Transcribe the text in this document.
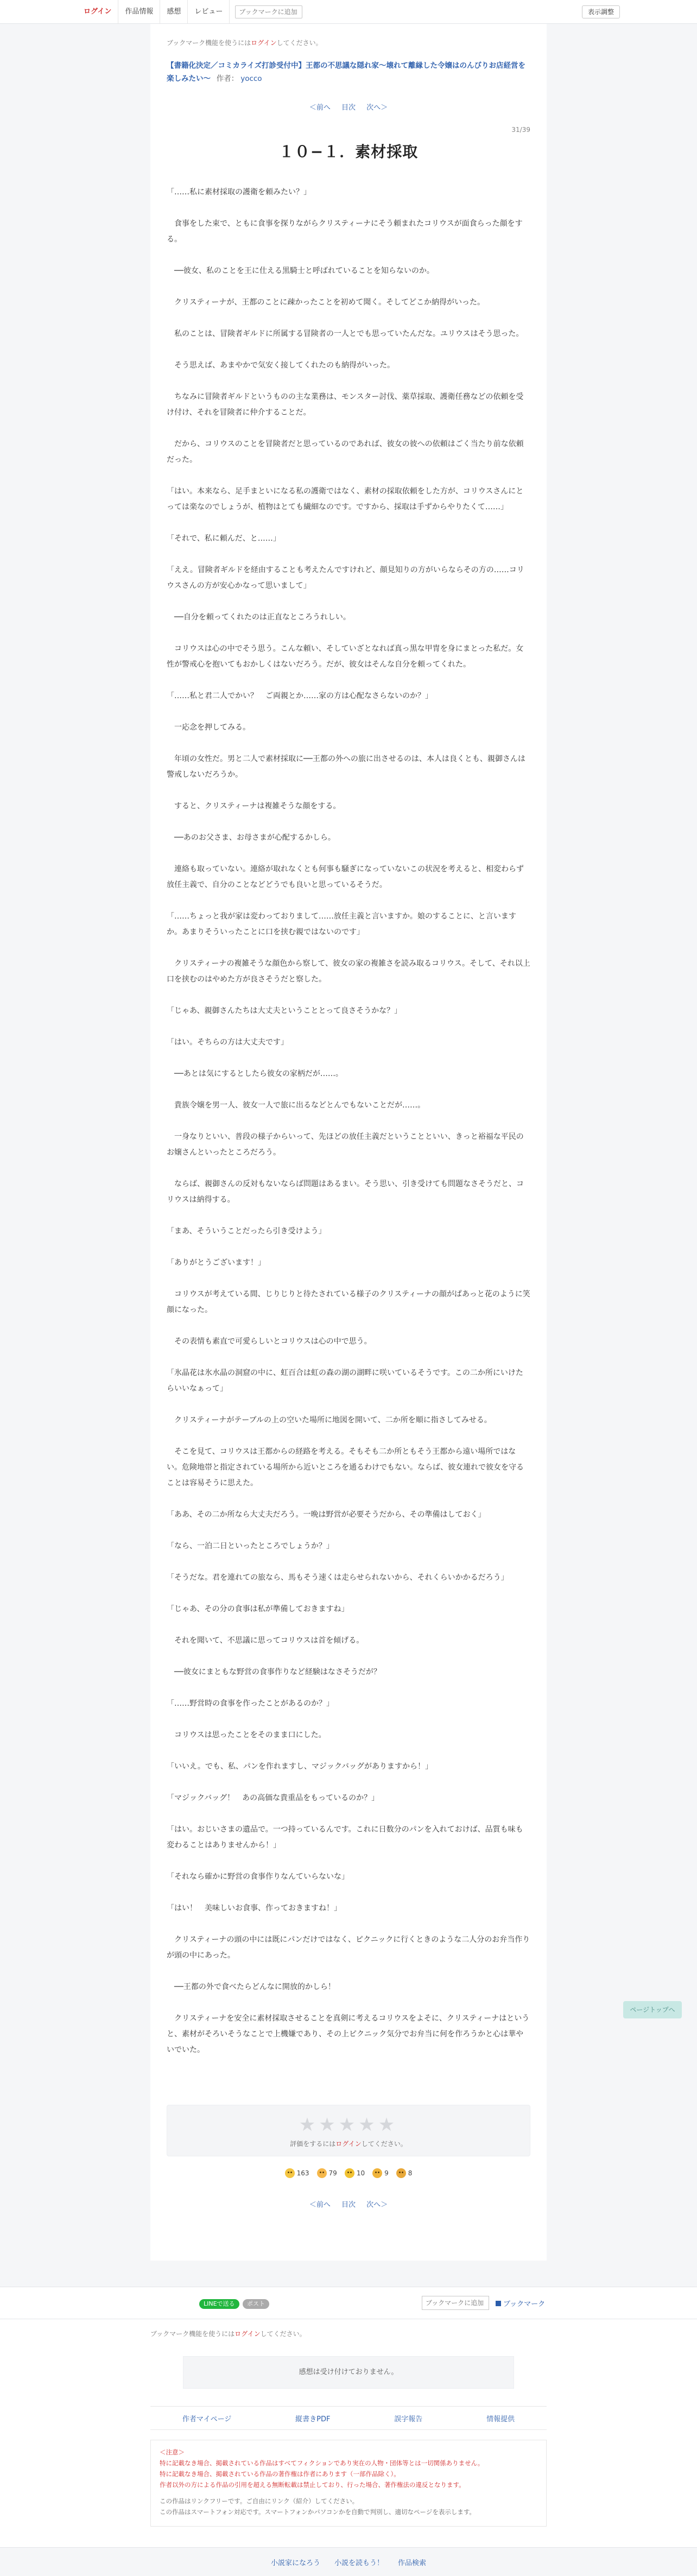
ログイン	作品情報	感想	レビュー
ブックマークに追加	表示調整
ブックマーク機能を使うにはログインしてください。
【書籍化決定／コミカライズ打診受付中】王都の不思議な隠れ家〜壊れて離縁した令嬢はのんびりお店経営を楽しみたい〜 作者： yocco
＜前へ 目次 次へ＞
31/39
１０−１．素材採取

「……私に素材採取の護衛を頼みたい？」

　食事をした束で、ともに食事を探りながらクリスティーナにそう頼まれたコリウスが面食らった顔をする。

　──彼女、私のことを王に仕える黒騎士と呼ばれていることを知らないのか。

　クリスティーナが、王都のことに疎かったことを初めて聞く。そしてどこか納得がいった。

　私のことは、冒険者ギルドに所属する冒険者の一人とでも思っていたんだな。ユリウスはそう思った。

　そう思えば、あまやかで気安く接してくれたのも納得がいった。

　ちなみに冒険者ギルドというものの主な業務は、モンスター討伐、薬草採取、護衛任務などの依頼を受け付け、それを冒険者に仲介することだ。

　だから、コリウスのことを冒険者だと思っているのであれば、彼女の彼への依頼はごく当たり前な依頼だった。

「はい。本来なら、足手まといになる私の護衛ではなく、素材の採取依頼をした方が、コリウスさんにとっては楽なのでしょうが、植物はとても繊細なのです。ですから、採取は手ずからやりたくて……」

「それで、私に頼んだ、と……」

「ええ。冒険者ギルドを経由することも考えたんですけれど、顔見知りの方がいらならその方の……コリウスさんの方が安心かなって思いまして」

　──自分を頼ってくれたのは正直なところうれしい。

　コリウスは心の中でそう思う。こんな頼い、そしていざとなれば真っ黒な甲冑を身にまとった私だ。女性が警戒心を抱いてもおかしくはないだろう。だが、彼女はそんな自分を頼ってくれた。

「……私と君二人でかい？　ご両親とか……家の方は心配なさらないのか？」

　一応念を押してみる。

　年頃の女性だ。男と二人で素材採取に──王都の外への旅に出させるのは、本人は良くとも、親御さんは警戒しないだろうか。

　すると、クリスティーナは複雑そうな顔をする。

　──あのお父さま、お母さまが心配するかしら。

　連絡も取っていない。連絡が取れなくとも何事も騒ぎになっていないこの状況を考えると、相変わらず放任主義で、自分のことなどどうでも良いと思っているそうだ。

「……ちょっと我が家は変わっておりまして……放任主義と言いますか。娘のすることに、と言いますか。あまりそういったことに口を挟む親ではないのです」

　クリスティーナの複雑そうな顔色から察して、彼女の家の複雑さを読み取るコリウス。そして、それ以上口を挟むのはやめた方が良さそうだと察した。

「じゃあ、親御さんたちは大丈夫ということとって良さそうかな？」

「はい。そちらの方は大丈夫です」

　──あとは気にするとしたら彼女の家柄だが……。

　貴族令嬢を男一人、彼女一人で旅に出るなどとんでもないことだが……。

　一身なりといい、普段の様子からいって、先ほどの放任主義だということといい、きっと裕福な平民のお嬢さんといったところだろう。

　ならば、親御さんの反対もないならば問題はあるまい。そう思い、引き受けても問題なさそうだと、コリウスは納得する。

「まあ、そういうことだったら引き受けよう」

「ありがとうございます！」

　コリウスが考えている間、じりじりと待たされている様子のクリスティーナの顔がぱあっと花のように笑顔になった。

　その表情も素直で可愛らしいとコリウスは心の中で思う。

「氷晶花は氷水晶の洞窟の中に、虹百合は虹の森の湖の湖畔に咲いているそうです。この二か所にいけたらいいなぁって」

　クリスティーナがテーブルの上の空いた場所に地図を開いて、二か所を順に指さしてみせる。

　そこを見て、コリウスは王都からの経路を考える。そもそも二か所ともそう王都から遠い場所ではない。危険地帯と指定されている場所から近いところを通るわけでもない。ならば、彼女連れで彼女を守ることは容易そうに思えた。

「ああ、その二か所なら大丈夫だろう。一晩は野営が必要そうだから、その準備はしておく」

「なら、一泊二日といったところでしょうか？」

「そうだな。君を連れての旅なら、馬もそう速くは走らせられないから、それくらいかかるだろう」

「じゃあ、その分の食事は私が準備しておきますね」

　それを聞いて、不思議に思ってコリウスは首を傾げる。

　──彼女にまともな野営の食事作りなど経験はなさそうだが？

「……野営時の食事を作ったことがあるのか？」

　コリウスは思ったことをそのまま口にした。

「いいえ。でも、私、パンを作れますし、マジックバッグがありますから！」

「マジックバッグ！　あの高価な貴重品をもっているのか？」

「はい。おじいさまの遺品で。一つ持っているんです。これに日数分のパンを入れておけば、品質も味も変わることはありませんから！」

「それなら確かに野営の食事作りなんていらないな」

「はい！　美味しいお食事、作っておきますね！」

　クリスティーナの頭の中には既にパンだけではなく、ピクニックに行くときのような二人分のお弁当作りが頭の中にあった。

　──王都の外で食べたらどんなに開放的かしら！

　クリスティーナを安全に素材採取させることを真剣に考えるコリウスをよそに、クリスティーナはというと、素材がそろいそうなことで上機嫌であり、その上ピクニック気分でお弁当に何を作ろうかと心は華やいでいた。

★★★★★
評価をするにはログインしてください。
163	79	10	9	8
＜前へ 目次 次へ＞
LINEで送る	ポスト
ブックマークに追加	ブックマーク
ブックマーク機能を使うにはログインしてください。
感想は受け付けておりません。
作者マイページ	縦書きPDF	誤字報告	情報提供

＜注意＞

特に記載なき場合、掲載されている作品はすべてフィクションであり実在の人物・団体等とは一切関係ありません。

特に記載なき場合、掲載されている作品の著作権は作者にあります（一部作品除く）。

作者以外の方による作品の引用を超える無断転載は禁止しており、行った場合、著作権法の違反となります。

この作品はリンクフリーです。ご自由にリンク（紹介）してください。

この作品はスマートフォン対応です。スマートフォンかパソコンかを自動で判別し、適切なページを表示します。

小説家になろう 小説を読もう！ 作品検索
ページトップへ
